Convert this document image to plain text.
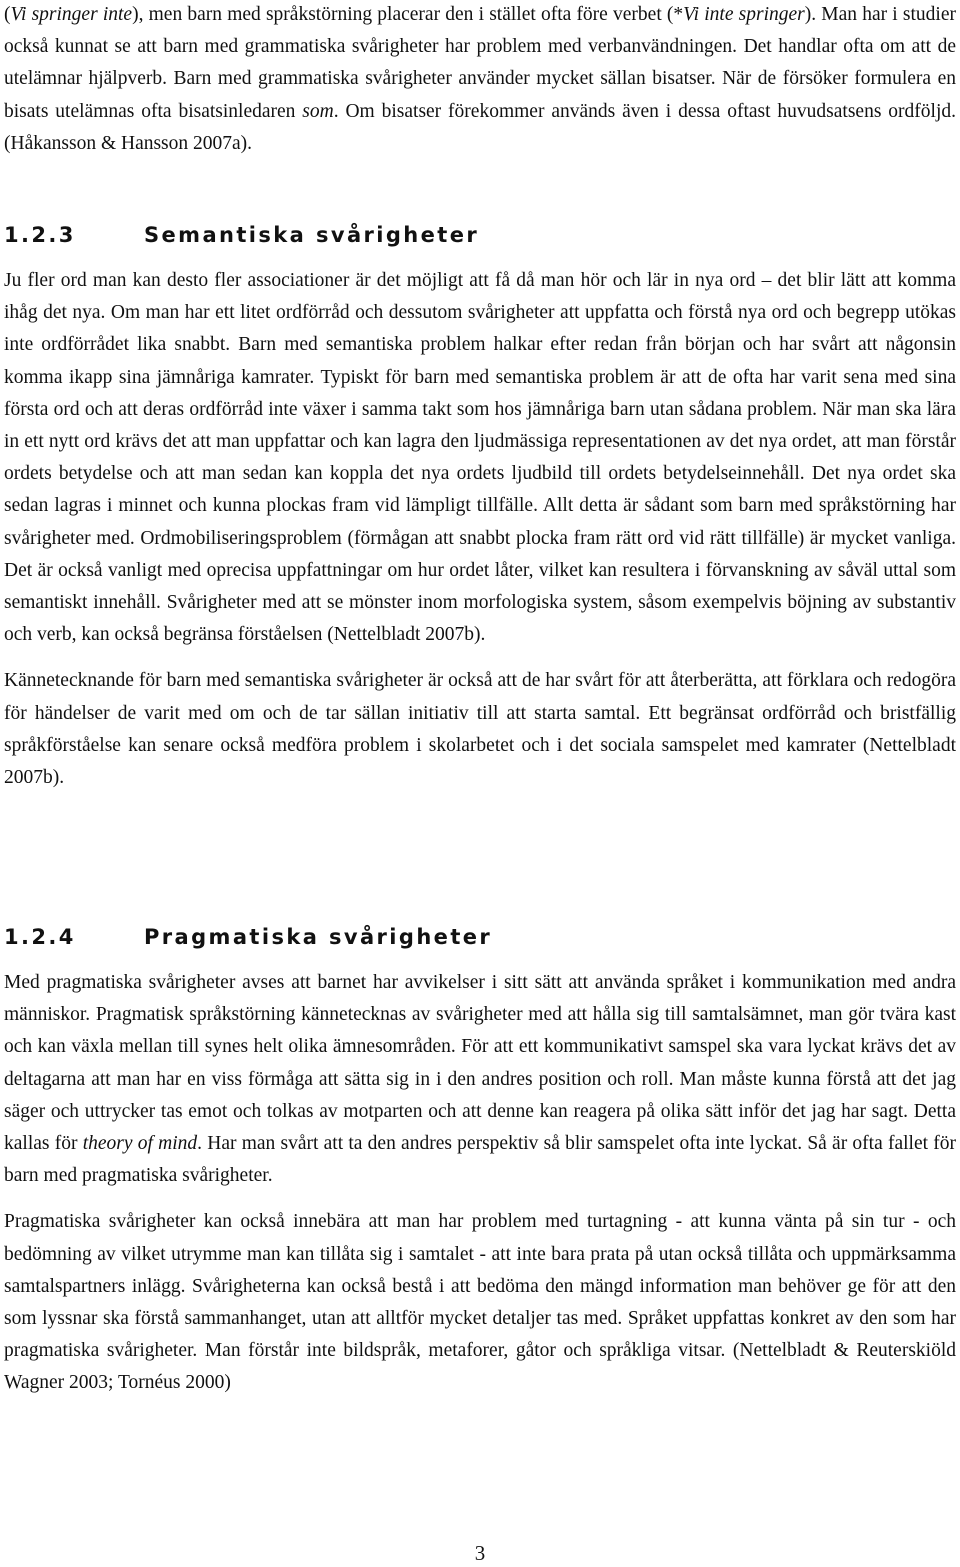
(Vi springer inte), men barn med språkstörning placerar den i stället ofta före verbet (*Vi inte springer). Man har i studier också kunnat se att barn med grammatiska svårigheter har problem med verbanvändningen. Det handlar ofta om att de utelämnar hjälpverb. Barn med grammatiska svårigheter använder mycket sällan bisatser. När de försöker formulera en bisats utelämnas ofta bisatsinledaren som. Om bisatser förekommer används även i dessa oftast huvudsatsens ordföljd. (Håkansson & Hansson 2007a).

1.2.3	Semantiska svårigheter

Ju fler ord man kan desto fler associationer är det möjligt att få då man hör och lär in nya ord – det blir lätt att komma ihåg det nya. Om man har ett litet ordförråd och dessutom svårigheter att uppfatta och förstå nya ord och begrepp utökas inte ordförrådet lika snabbt. Barn med semantiska problem halkar efter redan från början och har svårt att någonsin komma ikapp sina jämnåriga kamrater. Typiskt för barn med semantiska problem är att de ofta har varit sena med sina första ord och att deras ordförråd inte växer i samma takt som hos jämnåriga barn utan sådana problem. När man ska lära in ett nytt ord krävs det att man uppfattar och kan lagra den ljudmässiga representationen av det nya ordet, att man förstår ordets betydelse och att man sedan kan koppla det nya ordets ljudbild till ordets betydelseinnehåll. Det nya ordet ska sedan lagras i minnet och kunna plockas fram vid lämpligt tillfälle. Allt detta är sådant som barn med språkstörning har svårigheter med. Ordmobiliseringsproblem (förmågan att snabbt plocka fram rätt ord vid rätt tillfälle) är mycket vanliga. Det är också vanligt med oprecisa uppfattningar om hur ordet låter, vilket kan resultera i förvanskning av såväl uttal som semantiskt innehåll. Svårigheter med att se mönster inom morfologiska system, såsom exempelvis böjning av substantiv och verb, kan också begränsa förståelsen (Nettelbladt 2007b).

Kännetecknande för barn med semantiska svårigheter är också att de har svårt för att återberätta, att förklara och redogöra för händelser de varit med om och de tar sällan initiativ till att starta samtal. Ett begränsat ordförråd och bristfällig språkförståelse kan senare också medföra problem i skolarbetet och i det sociala samspelet med kamrater (Nettelbladt 2007b).

1.2.4	Pragmatiska svårigheter

Med pragmatiska svårigheter avses att barnet har avvikelser i sitt sätt att använda språket i kommunikation med andra människor. Pragmatisk språkstörning kännetecknas av svårigheter med att hålla sig till samtalsämnet, man gör tvära kast och kan växla mellan till synes helt olika ämnesområden. För att ett kommunikativt samspel ska vara lyckat krävs det av deltagarna att man har en viss förmåga att sätta sig in i den andres position och roll. Man måste kunna förstå att det jag säger och uttrycker tas emot och tolkas av motparten och att denne kan reagera på olika sätt inför det jag har sagt. Detta kallas för theory of mind. Har man svårt att ta den andres perspektiv så blir samspelet ofta inte lyckat. Så är ofta fallet för barn med pragmatiska svårigheter.

Pragmatiska svårigheter kan också innebära att man har problem med turtagning - att kunna vänta på sin tur - och bedömning av vilket utrymme man kan tillåta sig i samtalet - att inte bara prata på utan också tillåta och uppmärksamma samtalspartners inlägg. Svårigheterna kan också bestå i att bedöma den mängd information man behöver ge för att den som lyssnar ska förstå sammanhanget, utan att alltför mycket detaljer tas med. Språket uppfattas konkret av den som har pragmatiska svårigheter. Man förstår inte bildspråk, metaforer, gåtor och språkliga vitsar. (Nettelbladt & Reuterskiöld Wagner 2003; Tornéus 2000)

3
